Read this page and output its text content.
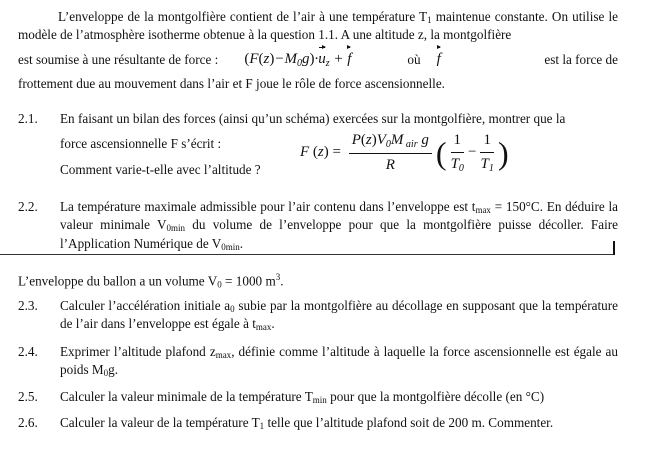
L’enveloppe de la montgolfière contient de l’air à une température T1 maintenue constante. On utilise le modèle de l’atmosphère isotherme obtenue à la question 1.1. A une altitude z, la montgolfière

est soumise à une résultante de force : $(F(z)-M_0g)\cdot u_z + f$	où f	est la force de

frottement due au mouvement dans l’air et F joue le rôle de force ascensionnelle.

2.1.	En faisant un bilan des forces (ainsi qu’un schéma) exercées sur la montgolfière, montrer que la

force ascensionnelle F s’écrit :

Comment varie-t-elle avec l’altitude ?

F ( z ) = $\frac{P(z)V_0M _{air} g}{R}$ ( $\frac{1}{T_0} - \frac{1}{T_1}$ )
2.2.	La température maximale admissible pour l’air contenu dans l’enveloppe est tmax = 150°C. En déduire la valeur minimale V0min du volume de l’enveloppe pour que la montgolfière puisse décoller. Faire l’Application Numérique de V0min.

L’enveloppe du ballon a un volume V0 = 1000 $m^3$.
2.3.	Calculer l’accélération initiale a0 subie par la montgolfière au décollage en supposant que la température de l’air dans l’enveloppe est égale à tmax.

2.4.	Exprimer l’altitude plafond zmax, définie comme l’altitude à laquelle la force ascensionnelle est égale au poids M0g.

2.5.	Calculer la valeur minimale de la température Tmin pour que la montgolfière décolle (en °C)

2.6.	Calculer la valeur de la température T1 telle que l’altitude plafond soit de 200 m. Commenter.
